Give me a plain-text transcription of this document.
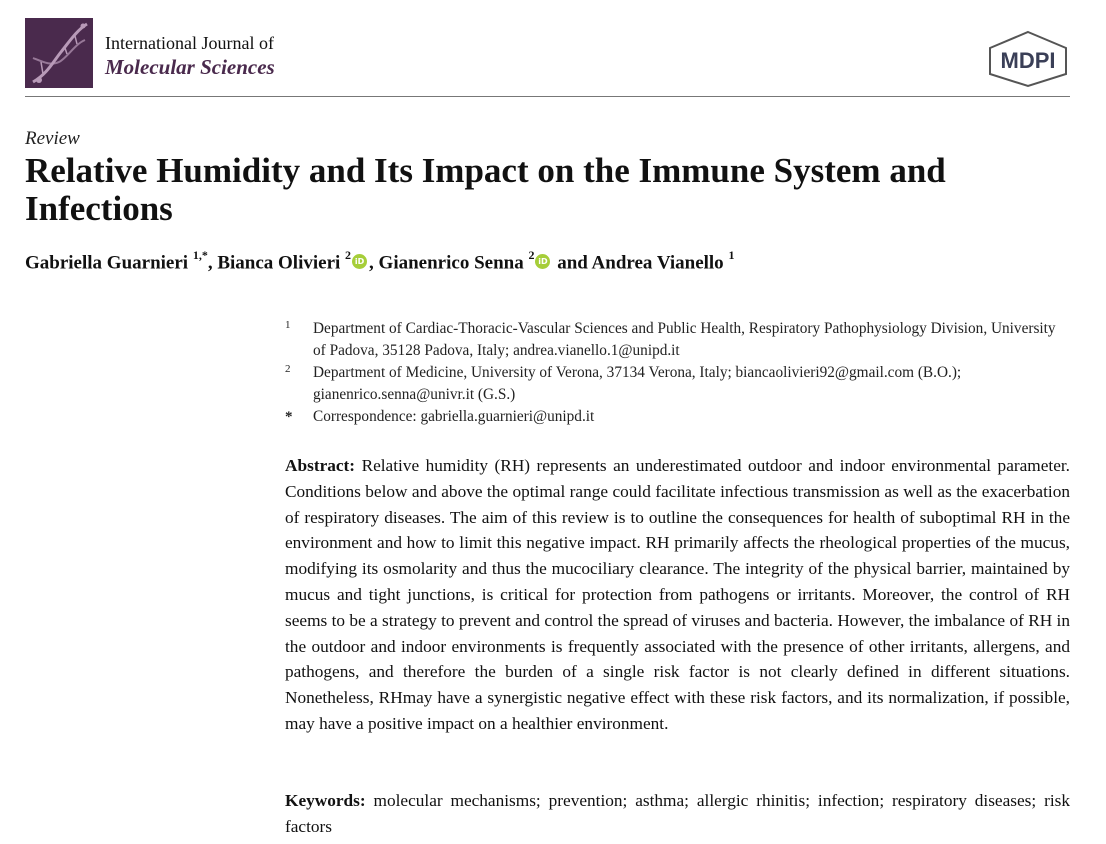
International Journal of
Molecular Sciences	MDPI
Review
Relative Humidity and Its Impact on the Immune System and Infections
Gabriella Guarnieri $^{1,*}$, Bianca Olivieri $^2$ iD , Gianenrico Senna $^2$ iD and Andrea Vianello $^1$
1	Department of Cardiac-Thoracic-Vascular Sciences and Public Health, Respiratory Pathophysiology Division, University of Padova, 35128 Padova, Italy; andrea.vianello.1@unipd.it
2	Department of Medicine, University of Verona, 37134 Verona, Italy; biancaolivieri92@gmail.com (B.O.); gianenrico.senna@univr.it (G.S.)
*	Correspondence: gabriella.guarnieri@unipd.it
Abstract: Relative humidity (RH) represents an underestimated outdoor and indoor environmental parameter. Conditions below and above the optimal range could facilitate infectious transmission as well as the exacerbation of respiratory diseases. The aim of this review is to outline the consequences for health of suboptimal RH in the environment and how to limit this negative impact. RH primarily affects the rheological properties of the mucus, modifying its osmolarity and thus the mucociliary clearance. The integrity of the physical barrier, maintained by mucus and tight junctions, is critical for protection from pathogens or irritants. Moreover, the control of RH seems to be a strategy to prevent and control the spread of viruses and bacteria. However, the imbalance of RH in the outdoor and indoor environments is frequently associated with the presence of other irritants, allergens, and pathogens, and therefore the burden of a single risk factor is not clearly defined in different situations. Nonetheless, RHmay have a synergistic negative effect with these risk factors, and its normalization, if possible, may have a positive impact on a healthier environment.
Keywords: molecular mechanisms; prevention; asthma; allergic rhinitis; infection; respiratory diseases; risk factors
